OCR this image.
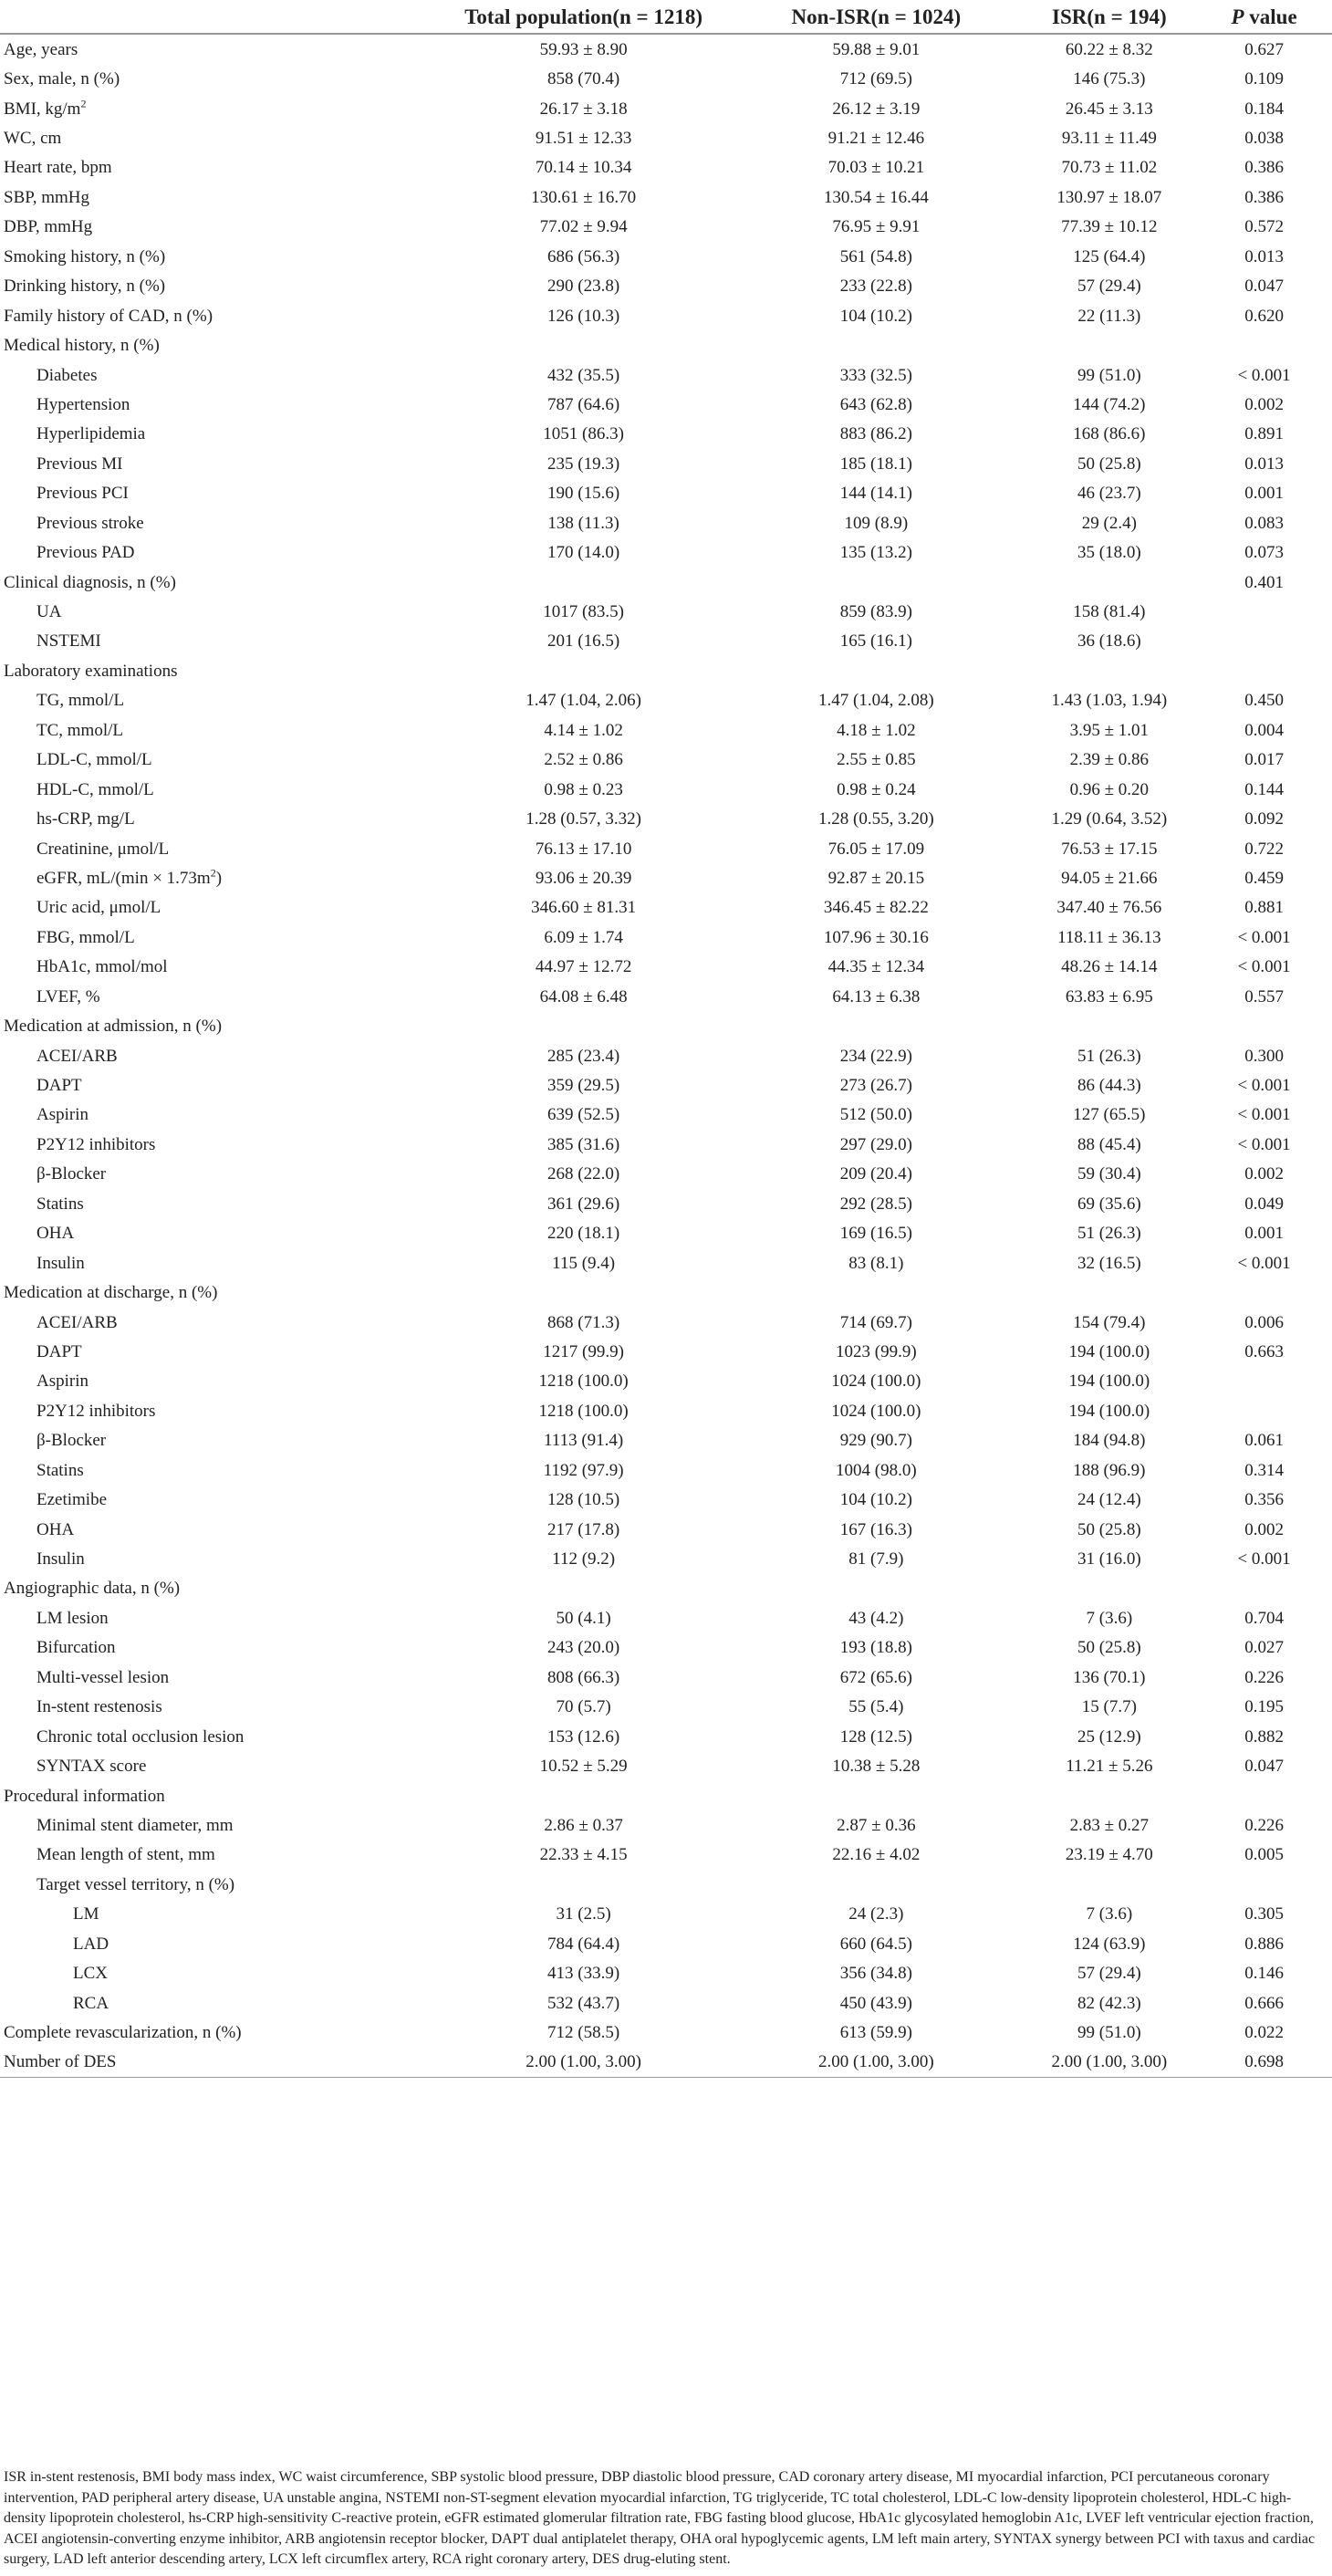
	Total population(n = 1218)	Non-ISR(n = 1024)	ISR(n = 194)	P value
Age, years	59.93 ± 8.90	59.88 ± 9.01	60.22 ± 8.32	0.627
Sex, male, n (%)	858 (70.4)	712 (69.5)	146 (75.3)	0.109
BMI, $kg/m^2$	26.17 ± 3.18	26.12 ± 3.19	26.45 ± 3.13	0.184
WC, cm	91.51 ± 12.33	91.21 ± 12.46	93.11 ± 11.49	0.038
Heart rate, bpm	70.14 ± 10.34	70.03 ± 10.21	70.73 ± 11.02	0.386
SBP, mmHg	130.61 ± 16.70	130.54 ± 16.44	130.97 ± 18.07	0.386
DBP, mmHg	77.02 ± 9.94	76.95 ± 9.91	77.39 ± 10.12	0.572
Smoking history, n (%)	686 (56.3)	561 (54.8)	125 (64.4)	0.013
Drinking history, n (%)	290 (23.8)	233 (22.8)	57 (29.4)	0.047
Family history of CAD, n (%)	126 (10.3)	104 (10.2)	22 (11.3)	0.620
Medical history, n (%)				
Diabetes	432 (35.5)	333 (32.5)	99 (51.0)	< 0.001
Hypertension	787 (64.6)	643 (62.8)	144 (74.2)	0.002
Hyperlipidemia	1051 (86.3)	883 (86.2)	168 (86.6)	0.891
Previous MI	235 (19.3)	185 (18.1)	50 (25.8)	0.013
Previous PCI	190 (15.6)	144 (14.1)	46 (23.7)	0.001
Previous stroke	138 (11.3)	109 (8.9)	29 (2.4)	0.083
Previous PAD	170 (14.0)	135 (13.2)	35 (18.0)	0.073
Clinical diagnosis, n (%)				0.401
UA	1017 (83.5)	859 (83.9)	158 (81.4)	
NSTEMI	201 (16.5)	165 (16.1)	36 (18.6)	
Laboratory examinations				
TG, mmol/L	1.47 (1.04, 2.06)	1.47 (1.04, 2.08)	1.43 (1.03, 1.94)	0.450
TC, mmol/L	4.14 ± 1.02	4.18 ± 1.02	3.95 ± 1.01	0.004
LDL-C, mmol/L	2.52 ± 0.86	2.55 ± 0.85	2.39 ± 0.86	0.017
HDL-C, mmol/L	0.98 ± 0.23	0.98 ± 0.24	0.96 ± 0.20	0.144
hs-CRP, mg/L	1.28 (0.57, 3.32)	1.28 (0.55, 3.20)	1.29 (0.64, 3.52)	0.092
Creatinine, μmol/L	76.13 ± 17.10	76.05 ± 17.09	76.53 ± 17.15	0.722
eGFR, $mL/(\min \times 1.73m^2)$	93.06 ± 20.39	92.87 ± 20.15	94.05 ± 21.66	0.459
Uric acid, μmol/L	346.60 ± 81.31	346.45 ± 82.22	347.40 ± 76.56	0.881
FBG, mmol/L	6.09 ± 1.74	107.96 ± 30.16	118.11 ± 36.13	< 0.001
HbA1c, mmol/mol	44.97 ± 12.72	44.35 ± 12.34	48.26 ± 14.14	< 0.001
LVEF, %	64.08 ± 6.48	64.13 ± 6.38	63.83 ± 6.95	0.557
Medication at admission, n (%)				
ACEI/ARB	285 (23.4)	234 (22.9)	51 (26.3)	0.300
DAPT	359 (29.5)	273 (26.7)	86 (44.3)	< 0.001
Aspirin	639 (52.5)	512 (50.0)	127 (65.5)	< 0.001
P2Y12 inhibitors	385 (31.6)	297 (29.0)	88 (45.4)	< 0.001
β-Blocker	268 (22.0)	209 (20.4)	59 (30.4)	0.002
Statins	361 (29.6)	292 (28.5)	69 (35.6)	0.049
OHA	220 (18.1)	169 (16.5)	51 (26.3)	0.001
Insulin	115 (9.4)	83 (8.1)	32 (16.5)	< 0.001
Medication at discharge, n (%)				
ACEI/ARB	868 (71.3)	714 (69.7)	154 (79.4)	0.006
DAPT	1217 (99.9)	1023 (99.9)	194 (100.0)	0.663
Aspirin	1218 (100.0)	1024 (100.0)	194 (100.0)	
P2Y12 inhibitors	1218 (100.0)	1024 (100.0)	194 (100.0)	
β-Blocker	1113 (91.4)	929 (90.7)	184 (94.8)	0.061
Statins	1192 (97.9)	1004 (98.0)	188 (96.9)	0.314
Ezetimibe	128 (10.5)	104 (10.2)	24 (12.4)	0.356
OHA	217 (17.8)	167 (16.3)	50 (25.8)	0.002
Insulin	112 (9.2)	81 (7.9)	31 (16.0)	< 0.001
Angiographic data, n (%)				
LM lesion	50 (4.1)	43 (4.2)	7 (3.6)	0.704
Bifurcation	243 (20.0)	193 (18.8)	50 (25.8)	0.027
Multi-vessel lesion	808 (66.3)	672 (65.6)	136 (70.1)	0.226
In-stent restenosis	70 (5.7)	55 (5.4)	15 (7.7)	0.195
Chronic total occlusion lesion	153 (12.6)	128 (12.5)	25 (12.9)	0.882
SYNTAX score	10.52 ± 5.29	10.38 ± 5.28	11.21 ± 5.26	0.047
Procedural information				
Minimal stent diameter, mm	2.86 ± 0.37	2.87 ± 0.36	2.83 ± 0.27	0.226
Mean length of stent, mm	22.33 ± 4.15	22.16 ± 4.02	23.19 ± 4.70	0.005
Target vessel territory, n (%)				
LM	31 (2.5)	24 (2.3)	7 (3.6)	0.305
LAD	784 (64.4)	660 (64.5)	124 (63.9)	0.886
LCX	413 (33.9)	356 (34.8)	57 (29.4)	0.146
RCA	532 (43.7)	450 (43.9)	82 (42.3)	0.666
Complete revascularization, n (%)	712 (58.5)	613 (59.9)	99 (51.0)	0.022
Number of DES	2.00 (1.00, 3.00)	2.00 (1.00, 3.00)	2.00 (1.00, 3.00)	0.698
ISR in-stent restenosis, BMI body mass index, WC waist circumference, SBP systolic blood pressure, DBP diastolic blood pressure, CAD coronary artery disease, MI myocardial infarction, PCI percutaneous coronary intervention, PAD peripheral artery disease, UA unstable angina, NSTEMI non-ST-segment elevation myocardial infarction, TG triglyceride, TC total cholesterol, LDL-C low-density lipoprotein cholesterol, HDL-C high-density lipoprotein cholesterol, hs-CRP high-sensitivity C-reactive protein, eGFR estimated glomerular filtration rate, FBG fasting blood glucose, HbA1c glycosylated hemoglobin A1c, LVEF left ventricular ejection fraction, ACEI angiotensin-converting enzyme inhibitor, ARB angiotensin receptor blocker, DAPT dual antiplatelet therapy, OHA oral hypoglycemic agents, LM left main artery, SYNTAX synergy between PCI with taxus and cardiac surgery, LAD left anterior descending artery, LCX left circumflex artery, RCA right coronary artery, DES drug-eluting stent.
